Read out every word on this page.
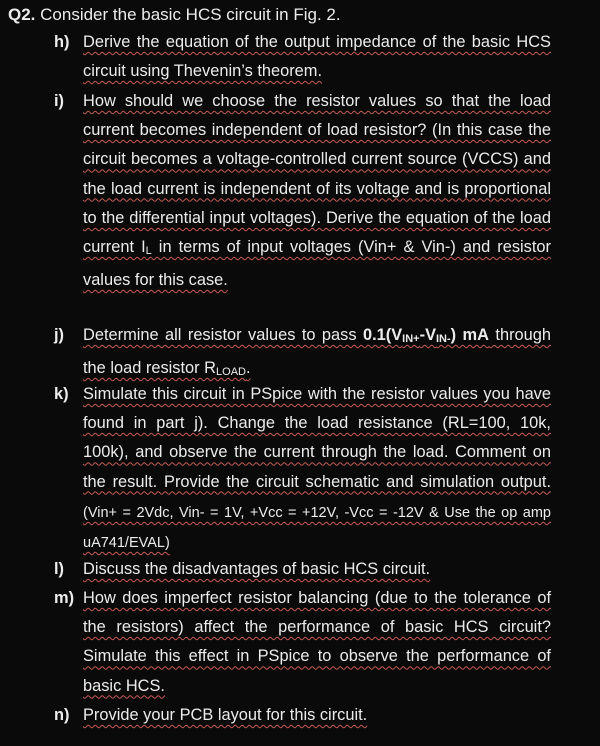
Q2. Consider the basic HCS circuit in Fig. 2.
h) Derive the equation of the output impedance of the basic HCS circuit using Thevenin’s theorem.
i) How should we choose the resistor values so that the load current becomes independent of load resistor? (In this case the circuit becomes a voltage-controlled current source (VCCS) and the load current is independent of its voltage and is proportional to the differential input voltages). Derive the equation of the load current $I_L$ in terms of input voltages (Vin+ & Vin-) and resistor values for this case.
j) Determine all resistor values to pass $0.1(V_{IN+}-V_{IN-})$ mA through the load resistor $R_{LOAD}$.
k) Simulate this circuit in PSpice with the resistor values you have found in part j). Change the load resistance (RL=100, 10k, 100k), and observe the current through the load. Comment on the result. Provide the circuit schematic and simulation output. (Vin+ = 2Vdc, Vin- = 1V, +Vcc = +12V, -Vcc = -12V & Use the op amp uA741/EVAL)
l) Discuss the disadvantages of basic HCS circuit.
m) How does imperfect resistor balancing (due to the tolerance of the resistors) affect the performance of basic HCS circuit? Simulate this effect in PSpice to observe the performance of basic HCS.
n) Provide your PCB layout for this circuit.
